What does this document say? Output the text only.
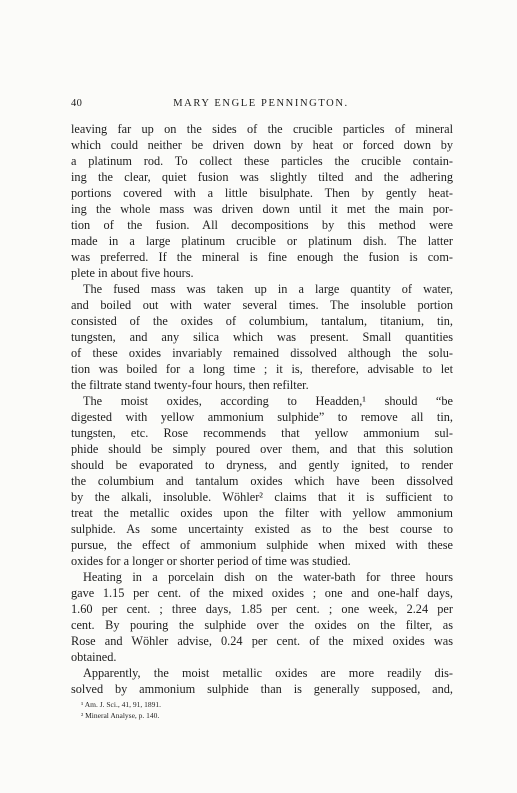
40	MARY ENGLE PENNINGTON.
leaving far up on the sides of the crucible particles of mineral
which could neither be driven down by heat or forced down by
a platinum rod. To collect these particles the crucible contain-
ing the clear, quiet fusion was slightly tilted and the adhering
portions covered with a little bisulphate. Then by gently heat-
ing the whole mass was driven down until it met the main por-
tion of the fusion. All decompositions by this method were
made in a large platinum crucible or platinum dish. The latter
was preferred. If the mineral is fine enough the fusion is com-
plete in about five hours.
The fused mass was taken up in a large quantity of water,
and boiled out with water several times. The insoluble portion
consisted of the oxides of columbium, tantalum, titanium, tin,
tungsten, and any silica which was present. Small quantities
of these oxides invariably remained dissolved although the solu-
tion was boiled for a long time ; it is, therefore, advisable to let
the filtrate stand twenty-four hours, then refilter.
The moist oxides, according to Headden,¹ should “be
digested with yellow ammonium sulphide” to remove all tin,
tungsten, etc. Rose recommends that yellow ammonium sul-
phide should be simply poured over them, and that this solution
should be evaporated to dryness, and gently ignited, to render
the columbium and tantalum oxides which have been dissolved
by the alkali, insoluble. Wöhler² claims that it is sufficient to
treat the metallic oxides upon the filter with yellow ammonium
sulphide. As some uncertainty existed as to the best course to
pursue, the effect of ammonium sulphide when mixed with these
oxides for a longer or shorter period of time was studied.
Heating in a porcelain dish on the water-bath for three hours
gave 1.15 per cent. of the mixed oxides ; one and one-half days,
1.60 per cent. ; three days, 1.85 per cent. ; one week, 2.24 per
cent. By pouring the sulphide over the oxides on the filter, as
Rose and Wöhler advise, 0.24 per cent. of the mixed oxides was
obtained.
Apparently, the moist metallic oxides are more readily dis-
solved by ammonium sulphide than is generally supposed, and,
¹ Am. J. Sci., 41, 91, 1891.
² Mineral Analyse, p. 140.
